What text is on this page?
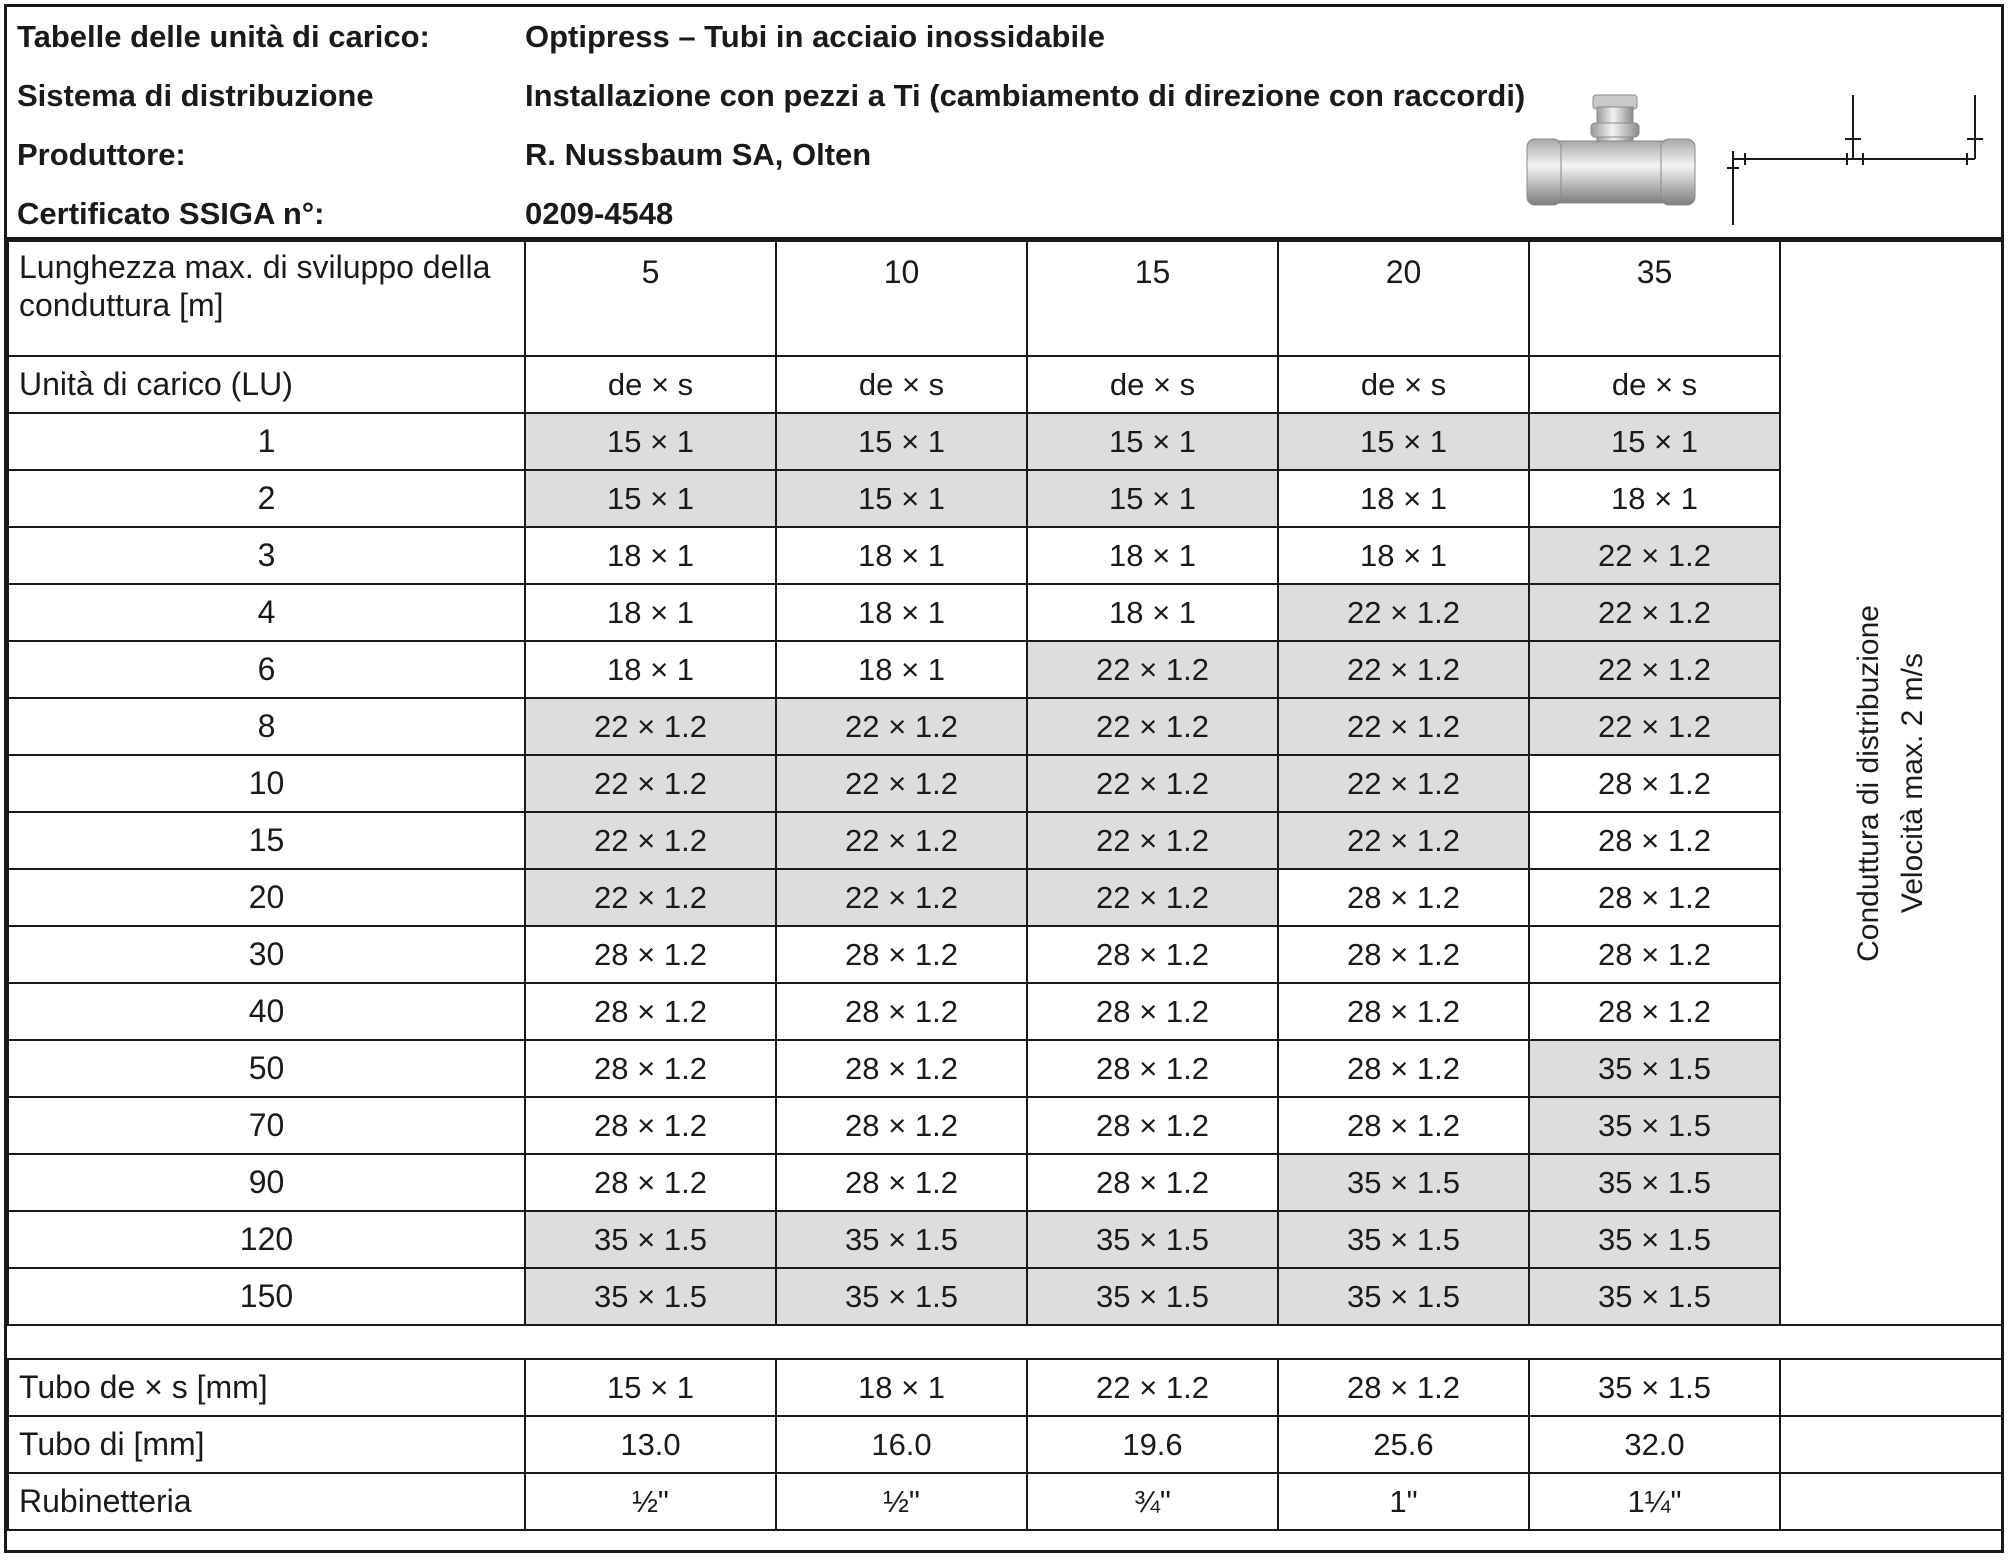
Tabelle delle unità di carico:	Optipress – Tubi in acciaio inossidabile
Sistema di distribuzione	Installazione con pezzi a Ti (cambiamento di direzione con raccordi)
Produttore:	R. Nussbaum SA, Olten
Certificato SSIGA n°:	0209-4548
Lunghezza max. di sviluppo della conduttura [m]	5	10	15	20	35	Conduttura di distribuzione Velocità max. 2 m/s

Unità di carico (LU)	de × s	de × s	de × s	de × s	de × s	
1	15 × 1	15 × 1	15 × 1	15 × 1	15 × 1	
2	15 × 1	15 × 1	15 × 1	18 × 1	18 × 1	
3	18 × 1	18 × 1	18 × 1	18 × 1	22 × 1.2	
4	18 × 1	18 × 1	18 × 1	22 × 1.2	22 × 1.2	
6	18 × 1	18 × 1	22 × 1.2	22 × 1.2	22 × 1.2	
8	22 × 1.2	22 × 1.2	22 × 1.2	22 × 1.2	22 × 1.2	
10	22 × 1.2	22 × 1.2	22 × 1.2	22 × 1.2	28 × 1.2	
15	22 × 1.2	22 × 1.2	22 × 1.2	22 × 1.2	28 × 1.2	
20	22 × 1.2	22 × 1.2	22 × 1.2	28 × 1.2	28 × 1.2	
30	28 × 1.2	28 × 1.2	28 × 1.2	28 × 1.2	28 × 1.2	
40	28 × 1.2	28 × 1.2	28 × 1.2	28 × 1.2	28 × 1.2	
50	28 × 1.2	28 × 1.2	28 × 1.2	28 × 1.2	35 × 1.5	
70	28 × 1.2	28 × 1.2	28 × 1.2	28 × 1.2	35 × 1.5	
90	28 × 1.2	28 × 1.2	28 × 1.2	35 × 1.5	35 × 1.5	
120	35 × 1.5	35 × 1.5	35 × 1.5	35 × 1.5	35 × 1.5	
150	35 × 1.5	35 × 1.5	35 × 1.5	35 × 1.5	35 × 1.5	

Tubo de × s [mm]	15 × 1	18 × 1	22 × 1.2	28 × 1.2	35 × 1.5	
Tubo di [mm]	13.0	16.0	19.6	25.6	32.0	
Rubinetteria	½"	½"	¾"	1"	1¼"	
